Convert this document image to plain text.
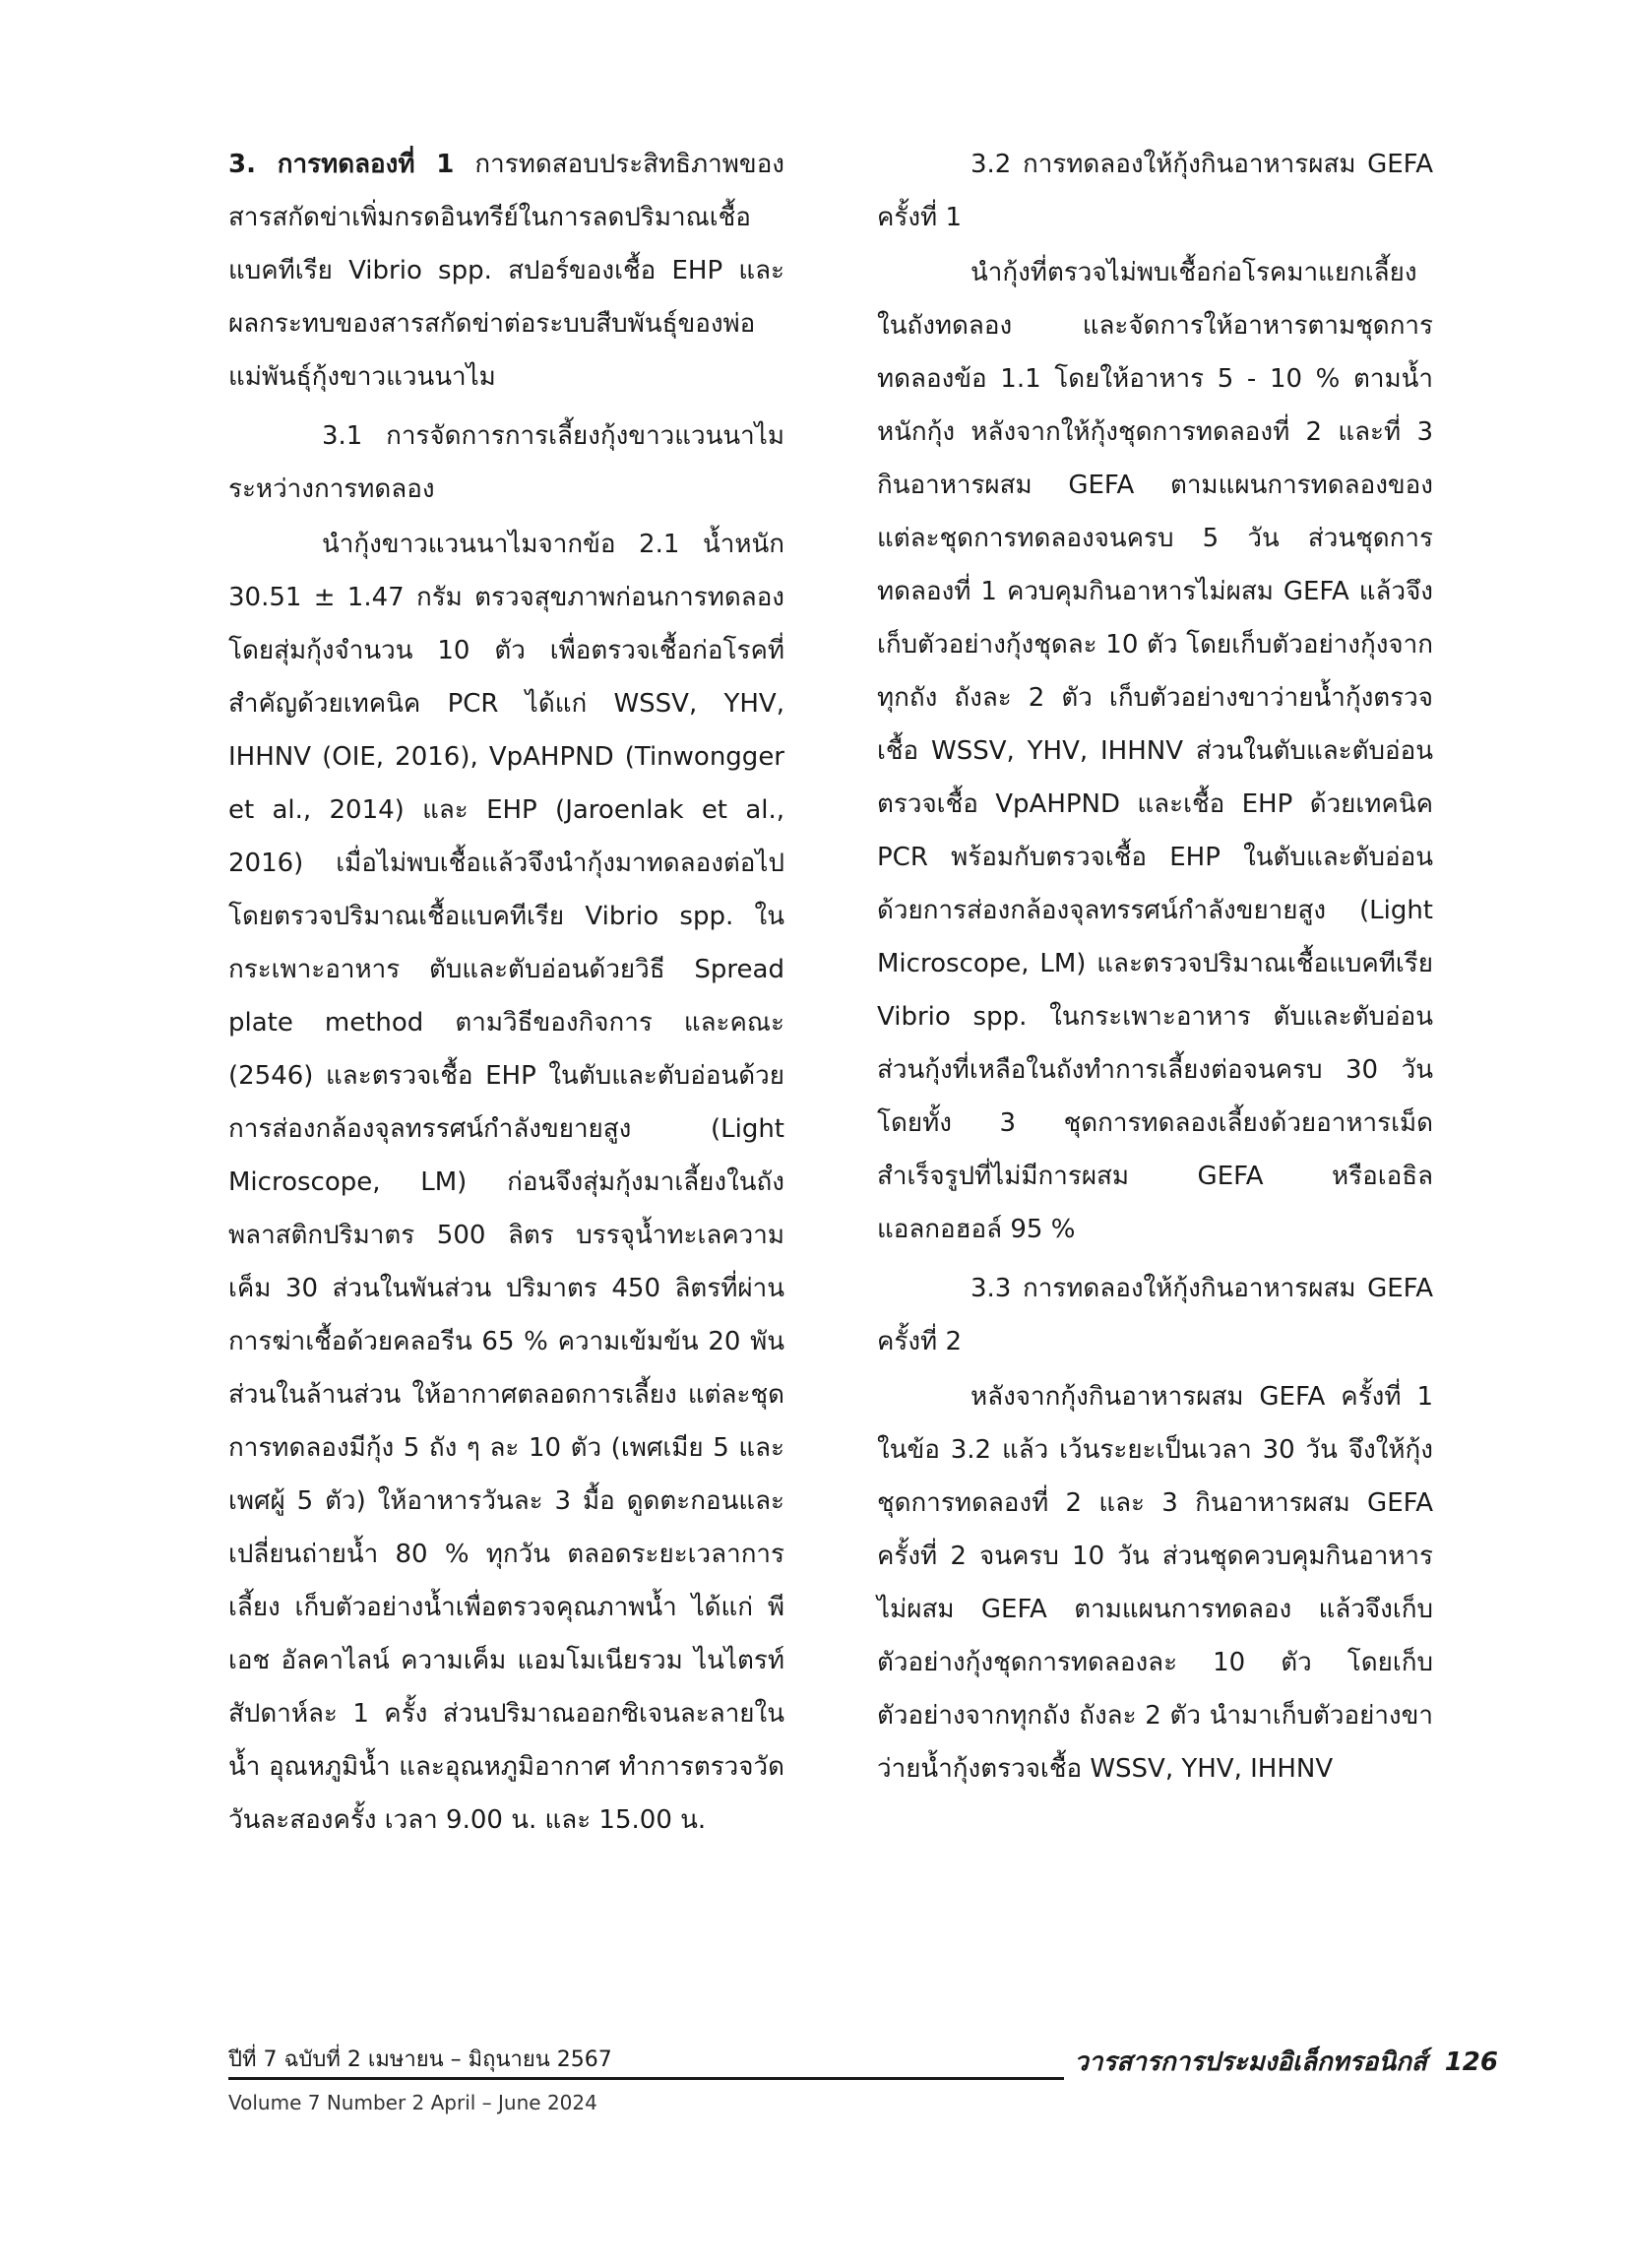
3. การทดลองที่ 1 การทดสอบประสิทธิภาพของสารสกัดข่าเพิ่มกรดอินทรีย์ในการลดปริมาณเชื้อแบคทีเรีย Vibrio spp. สปอร์ของเชื้อ EHP และผลกระทบของสารสกัดข่าต่อระบบสืบพันธุ์ของพ่อแม่พันธุ์กุ้งขาวแวนนาไม

3.1 การจัดการการเลี้ยงกุ้งขาวแวนนาไมระหว่างการทดลอง

นำกุ้งขาวแวนนาไมจากข้อ 2.1 น้ำหนัก 30.51 ± 1.47 กรัม ตรวจสุขภาพก่อนการทดลอง โดยสุ่มกุ้งจำนวน 10 ตัว เพื่อตรวจเชื้อก่อโรคที่สำคัญด้วยเทคนิค PCR ได้แก่ WSSV, YHV, IHHNV (OIE, 2016), VpAHPND (Tinwongger et al., 2014) และ EHP (Jaroenlak et al., 2016) เมื่อไม่พบเชื้อแล้วจึงนำกุ้งมาทดลองต่อไป โดยตรวจปริมาณเชื้อแบคทีเรีย Vibrio spp. ในกระเพาะอาหาร ตับและตับอ่อนด้วยวิธี Spread plate method ตามวิธีของกิจการ และคณะ (2546) และตรวจเชื้อ EHP ในตับและตับอ่อนด้วยการส่องกล้องจุลทรรศน์กำลังขยายสูง (Light Microscope, LM) ก่อนจึงสุ่มกุ้งมาเลี้ยงในถังพลาสติกปริมาตร 500 ลิตร บรรจุน้ำทะเลความเค็ม 30 ส่วนในพันส่วน ปริมาตร 450 ลิตรที่ผ่านการฆ่าเชื้อด้วยคลอรีน 65 % ความเข้มข้น 20 พันส่วนในล้านส่วน ให้อากาศตลอดการเลี้ยง แต่ละชุดการทดลองมีกุ้ง 5 ถัง ๆ ละ 10 ตัว (เพศเมีย 5 และเพศผู้ 5 ตัว) ให้อาหารวันละ 3 มื้อ ดูดตะกอนและเปลี่ยนถ่ายน้ำ 80 % ทุกวัน ตลอดระยะเวลาการเลี้ยง เก็บตัวอย่างน้ำเพื่อตรวจคุณภาพน้ำ ได้แก่ พีเอช อัลคาไลน์ ความเค็ม แอมโมเนียรวม ไนไตรท์ สัปดาห์ละ 1 ครั้ง ส่วนปริมาณออกซิเจนละลายในน้ำ อุณหภูมิน้ำ และอุณหภูมิอากาศ ทำการตรวจวัดวันละสองครั้ง เวลา 9.00 น. และ 15.00 น.

3.2 การทดลองให้กุ้งกินอาหารผสม GEFA ครั้งที่ 1

นำกุ้งที่ตรวจไม่พบเชื้อก่อโรคมาแยกเลี้ยงในถังทดลอง และจัดการให้อาหารตามชุดการทดลองข้อ 1.1 โดยให้อาหาร 5 - 10 % ตามน้ำหนักกุ้ง หลังจากให้กุ้งชุดการทดลองที่ 2 และที่ 3 กินอาหารผสม GEFA ตามแผนการทดลองของแต่ละชุดการทดลองจนครบ 5 วัน ส่วนชุดการทดลองที่ 1 ควบคุมกินอาหารไม่ผสม GEFA แล้วจึงเก็บตัวอย่างกุ้งชุดละ 10 ตัว โดยเก็บตัวอย่างกุ้งจากทุกถัง ถังละ 2 ตัว เก็บตัวอย่างขาว่ายน้ำกุ้งตรวจเชื้อ WSSV, YHV, IHHNV ส่วนในตับและตับอ่อนตรวจเชื้อ VpAHPND และเชื้อ EHP ด้วยเทคนิค PCR พร้อมกับตรวจเชื้อ EHP ในตับและตับอ่อนด้วยการส่องกล้องจุลทรรศน์กำลังขยายสูง (Light Microscope, LM) และตรวจปริมาณเชื้อแบคทีเรีย Vibrio spp. ในกระเพาะอาหาร ตับและตับอ่อน ส่วนกุ้งที่เหลือในถังทำการเลี้ยงต่อจนครบ 30 วัน โดยทั้ง 3 ชุดการทดลองเลี้ยงด้วยอาหารเม็ดสำเร็จรูปที่ไม่มีการผสม GEFA หรือเอธิลแอลกอฮอล์ 95 %

3.3 การทดลองให้กุ้งกินอาหารผสม GEFA ครั้งที่ 2

หลังจากกุ้งกินอาหารผสม GEFA ครั้งที่ 1 ในข้อ 3.2 แล้ว เว้นระยะเป็นเวลา 30 วัน จึงให้กุ้งชุดการทดลองที่ 2 และ 3 กินอาหารผสม GEFA ครั้งที่ 2 จนครบ 10 วัน ส่วนชุดควบคุมกินอาหารไม่ผสม GEFA ตามแผนการทดลอง แล้วจึงเก็บตัวอย่างกุ้งชุดการทดลองละ 10 ตัว โดยเก็บตัวอย่างจากทุกถัง ถังละ 2 ตัว นำมาเก็บตัวอย่างขาว่ายน้ำกุ้งตรวจเชื้อ WSSV, YHV, IHHNV

ปีที่ 7 ฉบับที่ 2 เมษายน – มิถุนายน 2567	วารสารการประมงอิเล็กทรอนิกส์ 126
Volume 7 Number 2 April – June 2024
